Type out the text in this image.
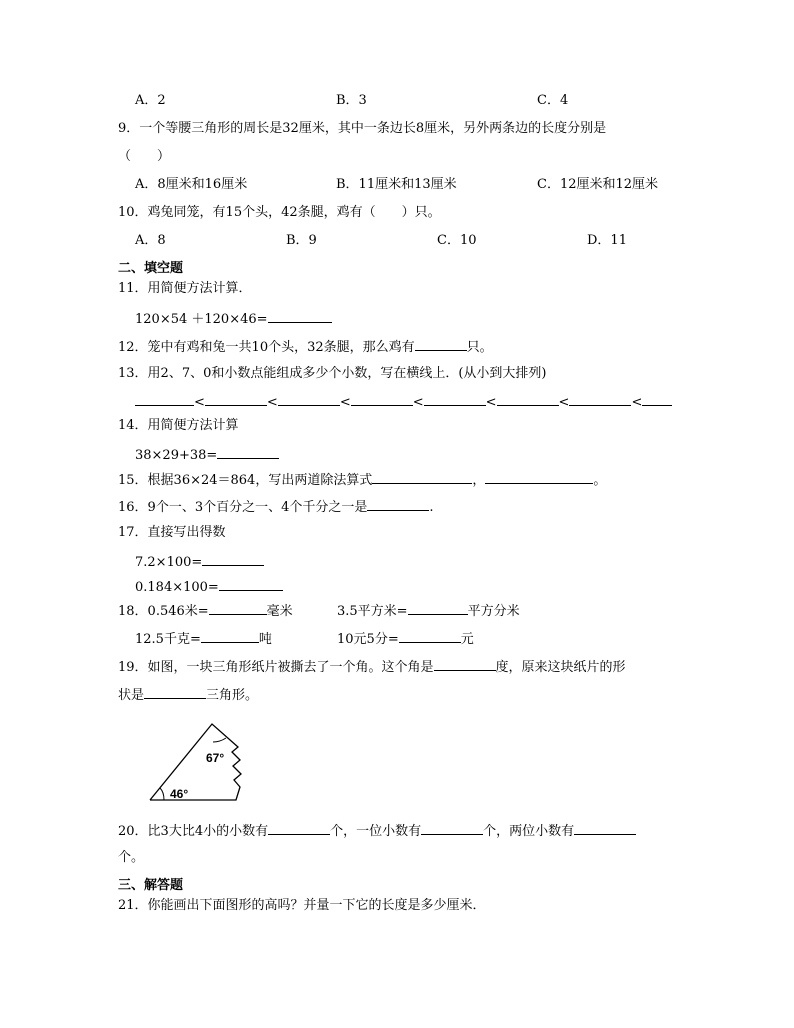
A．2	B．3	C．4
9．一个等腰三角形的周长是32厘米，其中一条边长8厘米，另外两条边的长度分别是
（　　）
A．8厘米和16厘米	B．11厘米和13厘米	C．12厘米和12厘米
10．鸡兔同笼，有15个头，42条腿，鸡有（　　）只。
A．8	B．9	C．10	D．11
二、填空题
11．用简便方法计算．
120×54 ＋120×46=
12．笼中有鸡和兔一共10个头，32条腿，那么鸡有	只。
13．用2、7、0和小数点能组成多少个小数，写在横线上．(从小到大排列)
<	<	<	<	<	<	<
14．用简便方法计算
38×29+38=
15．根据36×24＝864，写出两道除法算式	，	。
16．9个一、3个百分之一、4个千分之一是	.
17．直接写出得数
7.2×100=
0.184×100=
18．0.546米=	毫米	3.5平方米=	平方分米
12.5千克=	吨	10元5分=	元
19．如图，一块三角形纸片被撕去了一个角。这个角是	度，原来这块纸片的形
状是	三角形。
67°
46°
20．比3大比4小的小数有	个，一位小数有	个，两位小数有
个。
三、解答题
21．你能画出下面图形的高吗？并量一下它的长度是多少厘米．
